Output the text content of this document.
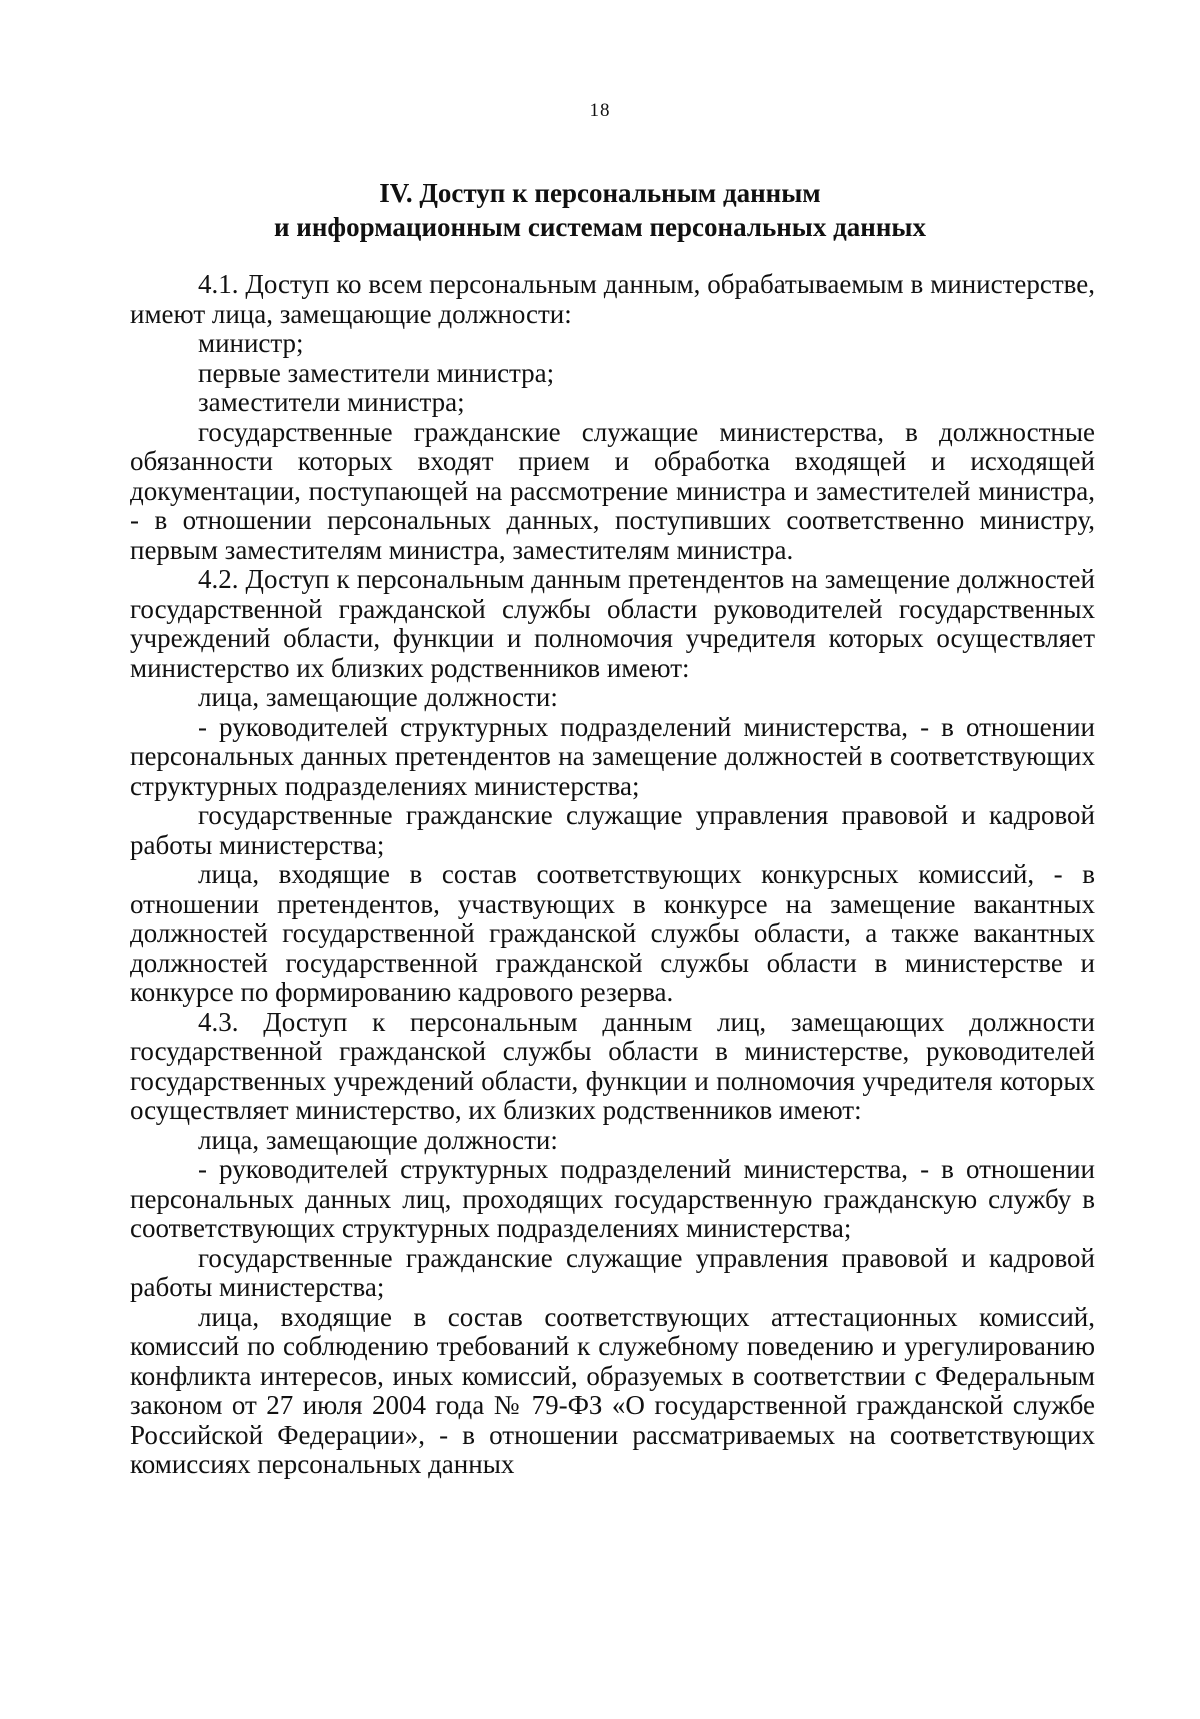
18
IV. Доступ к персональным данным
и информационным системам персональных данных

4.1. Доступ ко всем персональным данным, обрабатываемым в министерстве, имеют лица, замещающие должности:

министр;

первые заместители министра;

заместители министра;

государственные гражданские служащие министерства, в должностные обязанности которых входят прием и обработка входящей и исходящей документации, поступающей на рассмотрение министра и заместителей министра, - в отношении персональных данных, поступивших соответственно министру, первым заместителям министра, заместителям министра.

4.2. Доступ к персональным данным претендентов на замещение должностей государственной гражданской службы области руководителей государственных учреждений области, функции и полномочия учредителя которых осуществляет министерство их близких родственников имеют:

лица, замещающие должности:

- руководителей структурных подразделений министерства, - в отношении персональных данных претендентов на замещение должностей в соответствующих структурных подразделениях министерства;

государственные гражданские служащие управления правовой и кадровой работы министерства;

лица, входящие в состав соответствующих конкурсных комиссий, - в отношении претендентов, участвующих в конкурсе на замещение вакантных должностей государственной гражданской службы области, а также вакантных должностей государственной гражданской службы области в министерстве и конкурсе по формированию кадрового резерва.

4.3. Доступ к персональным данным лиц, замещающих должности государственной гражданской службы области в министерстве, руководителей государственных учреждений области, функции и полномочия учредителя которых осуществляет министерство, их близких родственников имеют:

лица, замещающие должности:

- руководителей структурных подразделений министерства, - в отношении персональных данных лиц, проходящих государственную гражданскую службу в соответствующих структурных подразделениях министерства;

государственные гражданские служащие управления правовой и кадровой работы министерства;

лица, входящие в состав соответствующих аттестационных комиссий, комиссий по соблюдению требований к служебному поведению и урегулированию конфликта интересов, иных комиссий, образуемых в соответствии с Федеральным законом от 27 июля 2004 года № 79-ФЗ «О государственной гражданской службе Российской Федерации», - в отношении рассматриваемых на соответствующих комиссиях персональных данных
